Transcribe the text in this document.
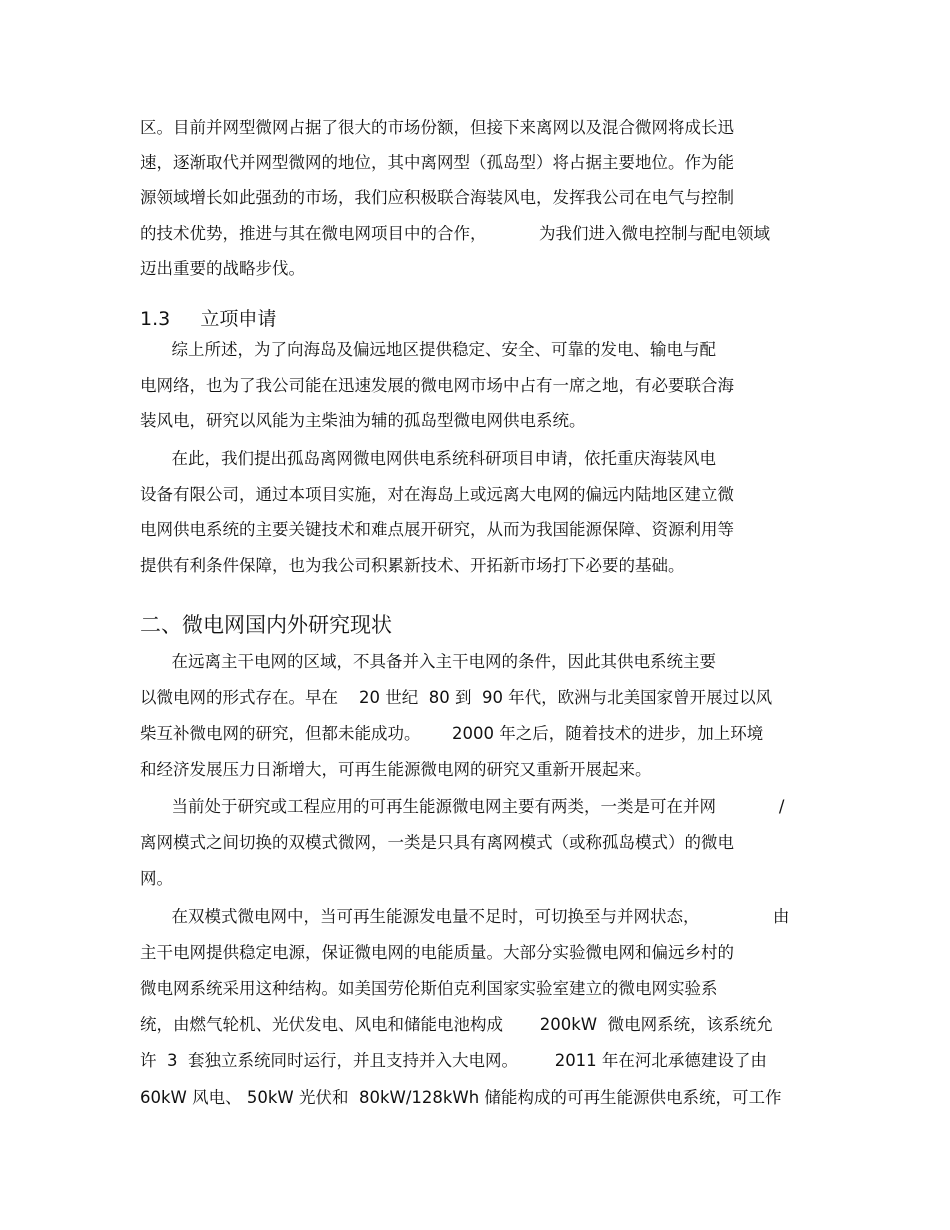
区。目前并网型微网占据了很大的市场份额，但接下来离网以及混合微网将成长迅

速，逐渐取代并网型微网的地位，其中离网型（孤岛型）将占据主要地位。作为能

源领域增长如此强劲的市场，我们应积极联合海装风电，发挥我公司在电气与控制

的技术优势，推进与其在微电网项目中的合作，          为我们进入微电控制与配电领域

迈出重要的战略步伐。

1.3     立项申请

综上所述，为了向海岛及偏远地区提供稳定、安全、可靠的发电、输电与配

电网络，也为了我公司能在迅速发展的微电网市场中占有一席之地，有必要联合海

装风电，研究以风能为主柴油为辅的孤岛型微电网供电系统。

在此，我们提出孤岛离网微电网供电系统科研项目申请，依托重庆海装风电

设备有限公司，通过本项目实施，对在海岛上或远离大电网的偏远内陆地区建立微

电网供电系统的主要关键技术和难点展开研究，从而为我国能源保障、资源利用等

提供有利条件保障，也为我公司积累新技术、开拓新市场打下必要的基础。

二、微电网国内外研究现状

在远离主干电网的区域，不具备并入主干电网的条件，因此其供电系统主要

以微电网的形式存在。早在    20 世纪  80 到  90 年代，欧洲与北美国家曾开展过以风

柴互补微电网的研究，但都未能成功。      2000 年之后，随着技术的进步，加上环境

和经济发展压力日渐增大，可再生能源微电网的研究又重新开展起来。

当前处于研究或工程应用的可再生能源微电网主要有两类，一类是可在并网            /

离网模式之间切换的双模式微网，一类是只具有离网模式（或称孤岛模式）的微电

网。

在双模式微电网中，当可再生能源发电量不足时，可切换至与并网状态，              由

主干电网提供稳定电源，保证微电网的电能质量。大部分实验微电网和偏远乡村的

微电网系统采用这种结构。如美国劳伦斯伯克利国家实验室建立的微电网实验系

统，由燃气轮机、光伏发电、风电和储能电池构成       200kW  微电网系统，该系统允

许  3  套独立系统同时运行，并且支持并入大电网。       2011 年在河北承德建设了由

60kW 风电、 50kW 光伏和  80kW/128kWh 储能构成的可再生能源供电系统，可工作
